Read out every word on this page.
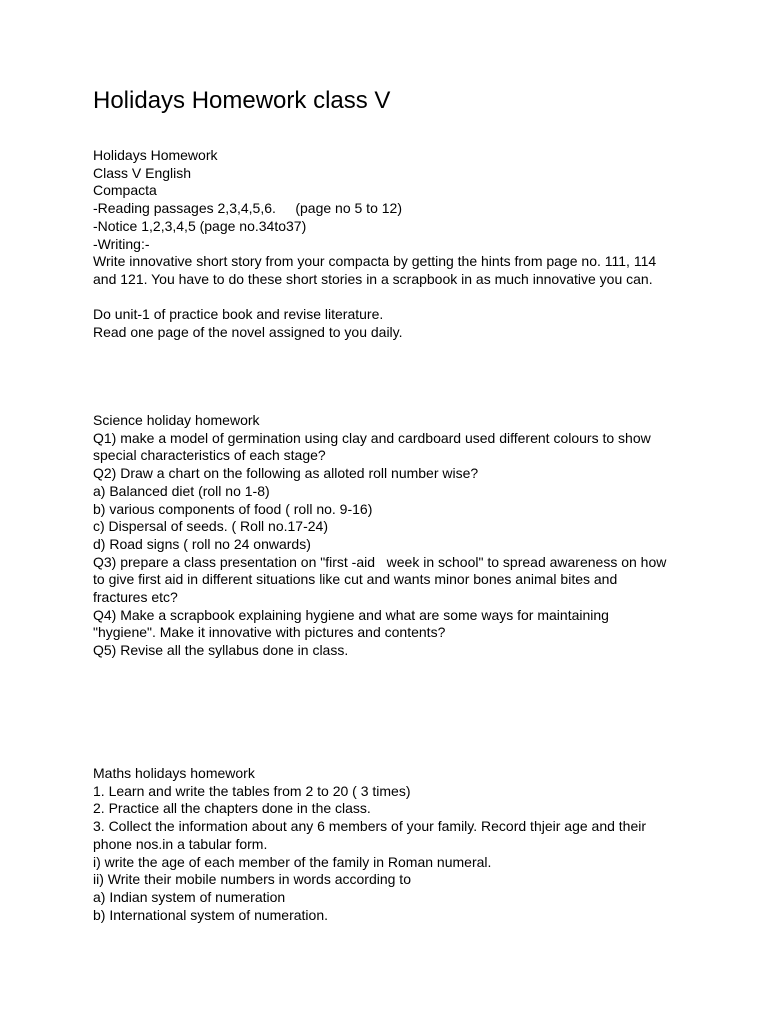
Holidays Homework class V

Holidays Homework

Class V English

Compacta

-Reading passages 2,3,4,5,6.     (page no 5 to 12)

-Notice 1,2,3,4,5 (page no.34to37)

-Writing:-

Write innovative short story from your compacta by getting the hints from page no. 111, 114

and 121. You have to do these short stories in a scrapbook in as much innovative you can.

Do unit-1 of practice book and revise literature.

Read one page of the novel assigned to you daily.

Science holiday homework

Q1) make a model of germination using clay and cardboard used different colours to show

special characteristics of each stage?

Q2) Draw a chart on the following as alloted roll number wise?

a) Balanced diet (roll no 1-8)

b) various components of food ( roll no. 9-16)

c) Dispersal of seeds. ( Roll no.17-24)

d) Road signs ( roll no 24 onwards)

Q3) prepare a class presentation on "first -aid   week in school" to spread awareness on how

to give first aid in different situations like cut and wants minor bones animal bites and

fractures etc?

Q4) Make a scrapbook explaining hygiene and what are some ways for maintaining

"hygiene". Make it innovative with pictures and contents?

Q5) Revise all the syllabus done in class.

Maths holidays homework

1. Learn and write the tables from 2 to 20 ( 3 times)

2. Practice all the chapters done in the class.

3. Collect the information about any 6 members of your family. Record thjeir age and their

phone nos.in a tabular form.

i) write the age of each member of the family in Roman numeral.

ii) Write their mobile numbers in words according to

a) Indian system of numeration

b) International system of numeration.
